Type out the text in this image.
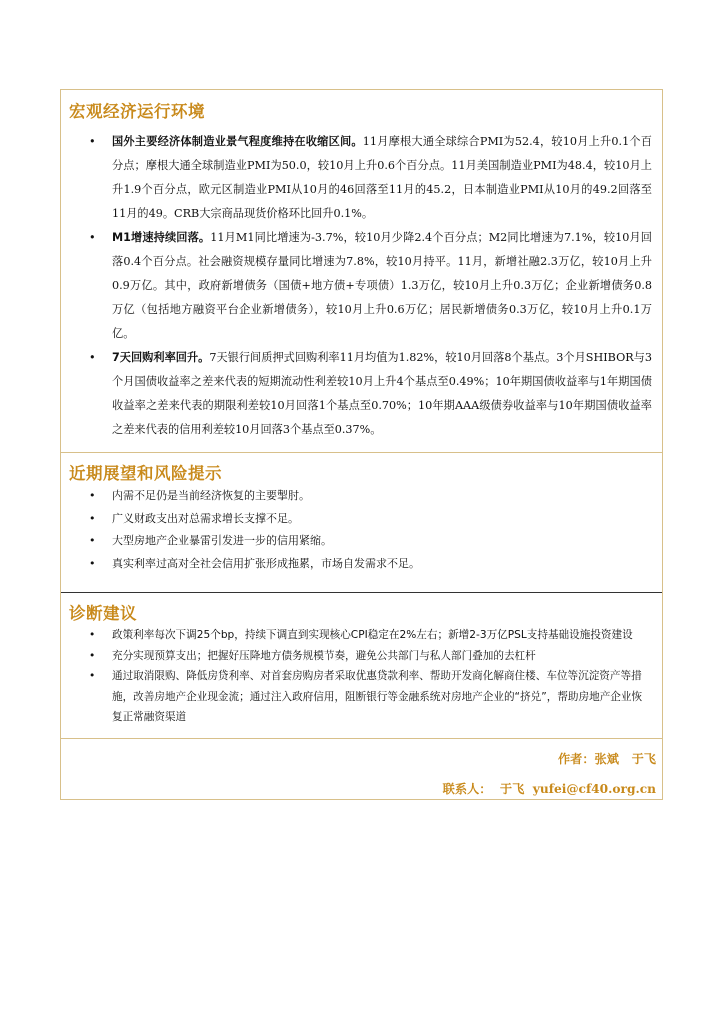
宏观经济运行环境
• 国外主要经济体制造业景气程度维持在收缩区间。11月摩根大通全球综合PMI为52.4，较10月上升0.1个百分点；摩根大通全球制造业PMI为50.0，较10月上升0.6个百分点。11月美国制造业PMI为48.4，较10月上升1.9个百分点，欧元区制造业PMI从10月的46回落至11月的45.2，日本制造业PMI从10月的49.2回落至11月的49。CRB大宗商品现货价格环比回升0.1%。
• M1增速持续回落。11月M1同比增速为-3.7%，较10月少降2.4个百分点；M2同比增速为7.1%，较10月回落0.4个百分点。社会融资规模存量同比增速为7.8%，较10月持平。11月，新增社融2.3万亿，较10月上升0.9万亿。其中，政府新增债务（国债+地方债+专项债）1.3万亿，较10月上升0.3万亿；企业新增债务0.8万亿（包括地方融资平台企业新增债务），较10月上升0.6万亿；居民新增债务0.3万亿，较10月上升0.1万亿。
• 7天回购利率回升。7天银行间质押式回购利率11月均值为1.82%，较10月回落8个基点。3个月SHIBOR与3个月国债收益率之差来代表的短期流动性利差较10月上升4个基点至0.49%；10年期国债收益率与1年期国债收益率之差来代表的期限利差较10月回落1个基点至0.70%；10年期AAA级债券收益率与10年期国债收益率之差来代表的信用利差较10月回落3个基点至0.37%。
近期展望和风险提示
• 内需不足仍是当前经济恢复的主要掣肘。
• 广义财政支出对总需求增长支撑不足。
• 大型房地产企业暴雷引发进一步的信用紧缩。
• 真实利率过高对全社会信用扩张形成拖累，市场自发需求不足。
诊断建议
• 政策利率每次下调25个bp，持续下调直到实现核心CPI稳定在2%左右；新增2-3万亿PSL支持基础设施投资建设
• 充分实现预算支出；把握好压降地方债务规模节奏，避免公共部门与私人部门叠加的去杠杆
• 通过取消限购、降低房贷利率、对首套房购房者采取优惠贷款利率、帮助开发商化解商住楼、车位等沉淀资产等措施，改善房地产企业现金流；通过注入政府信用，阻断银行等金融系统对房地产企业的“挤兑”，帮助房地产企业恢复正常融资渠道
作者：张斌   于飞
联系人：  于飞 yufei@cf40.org.cn
